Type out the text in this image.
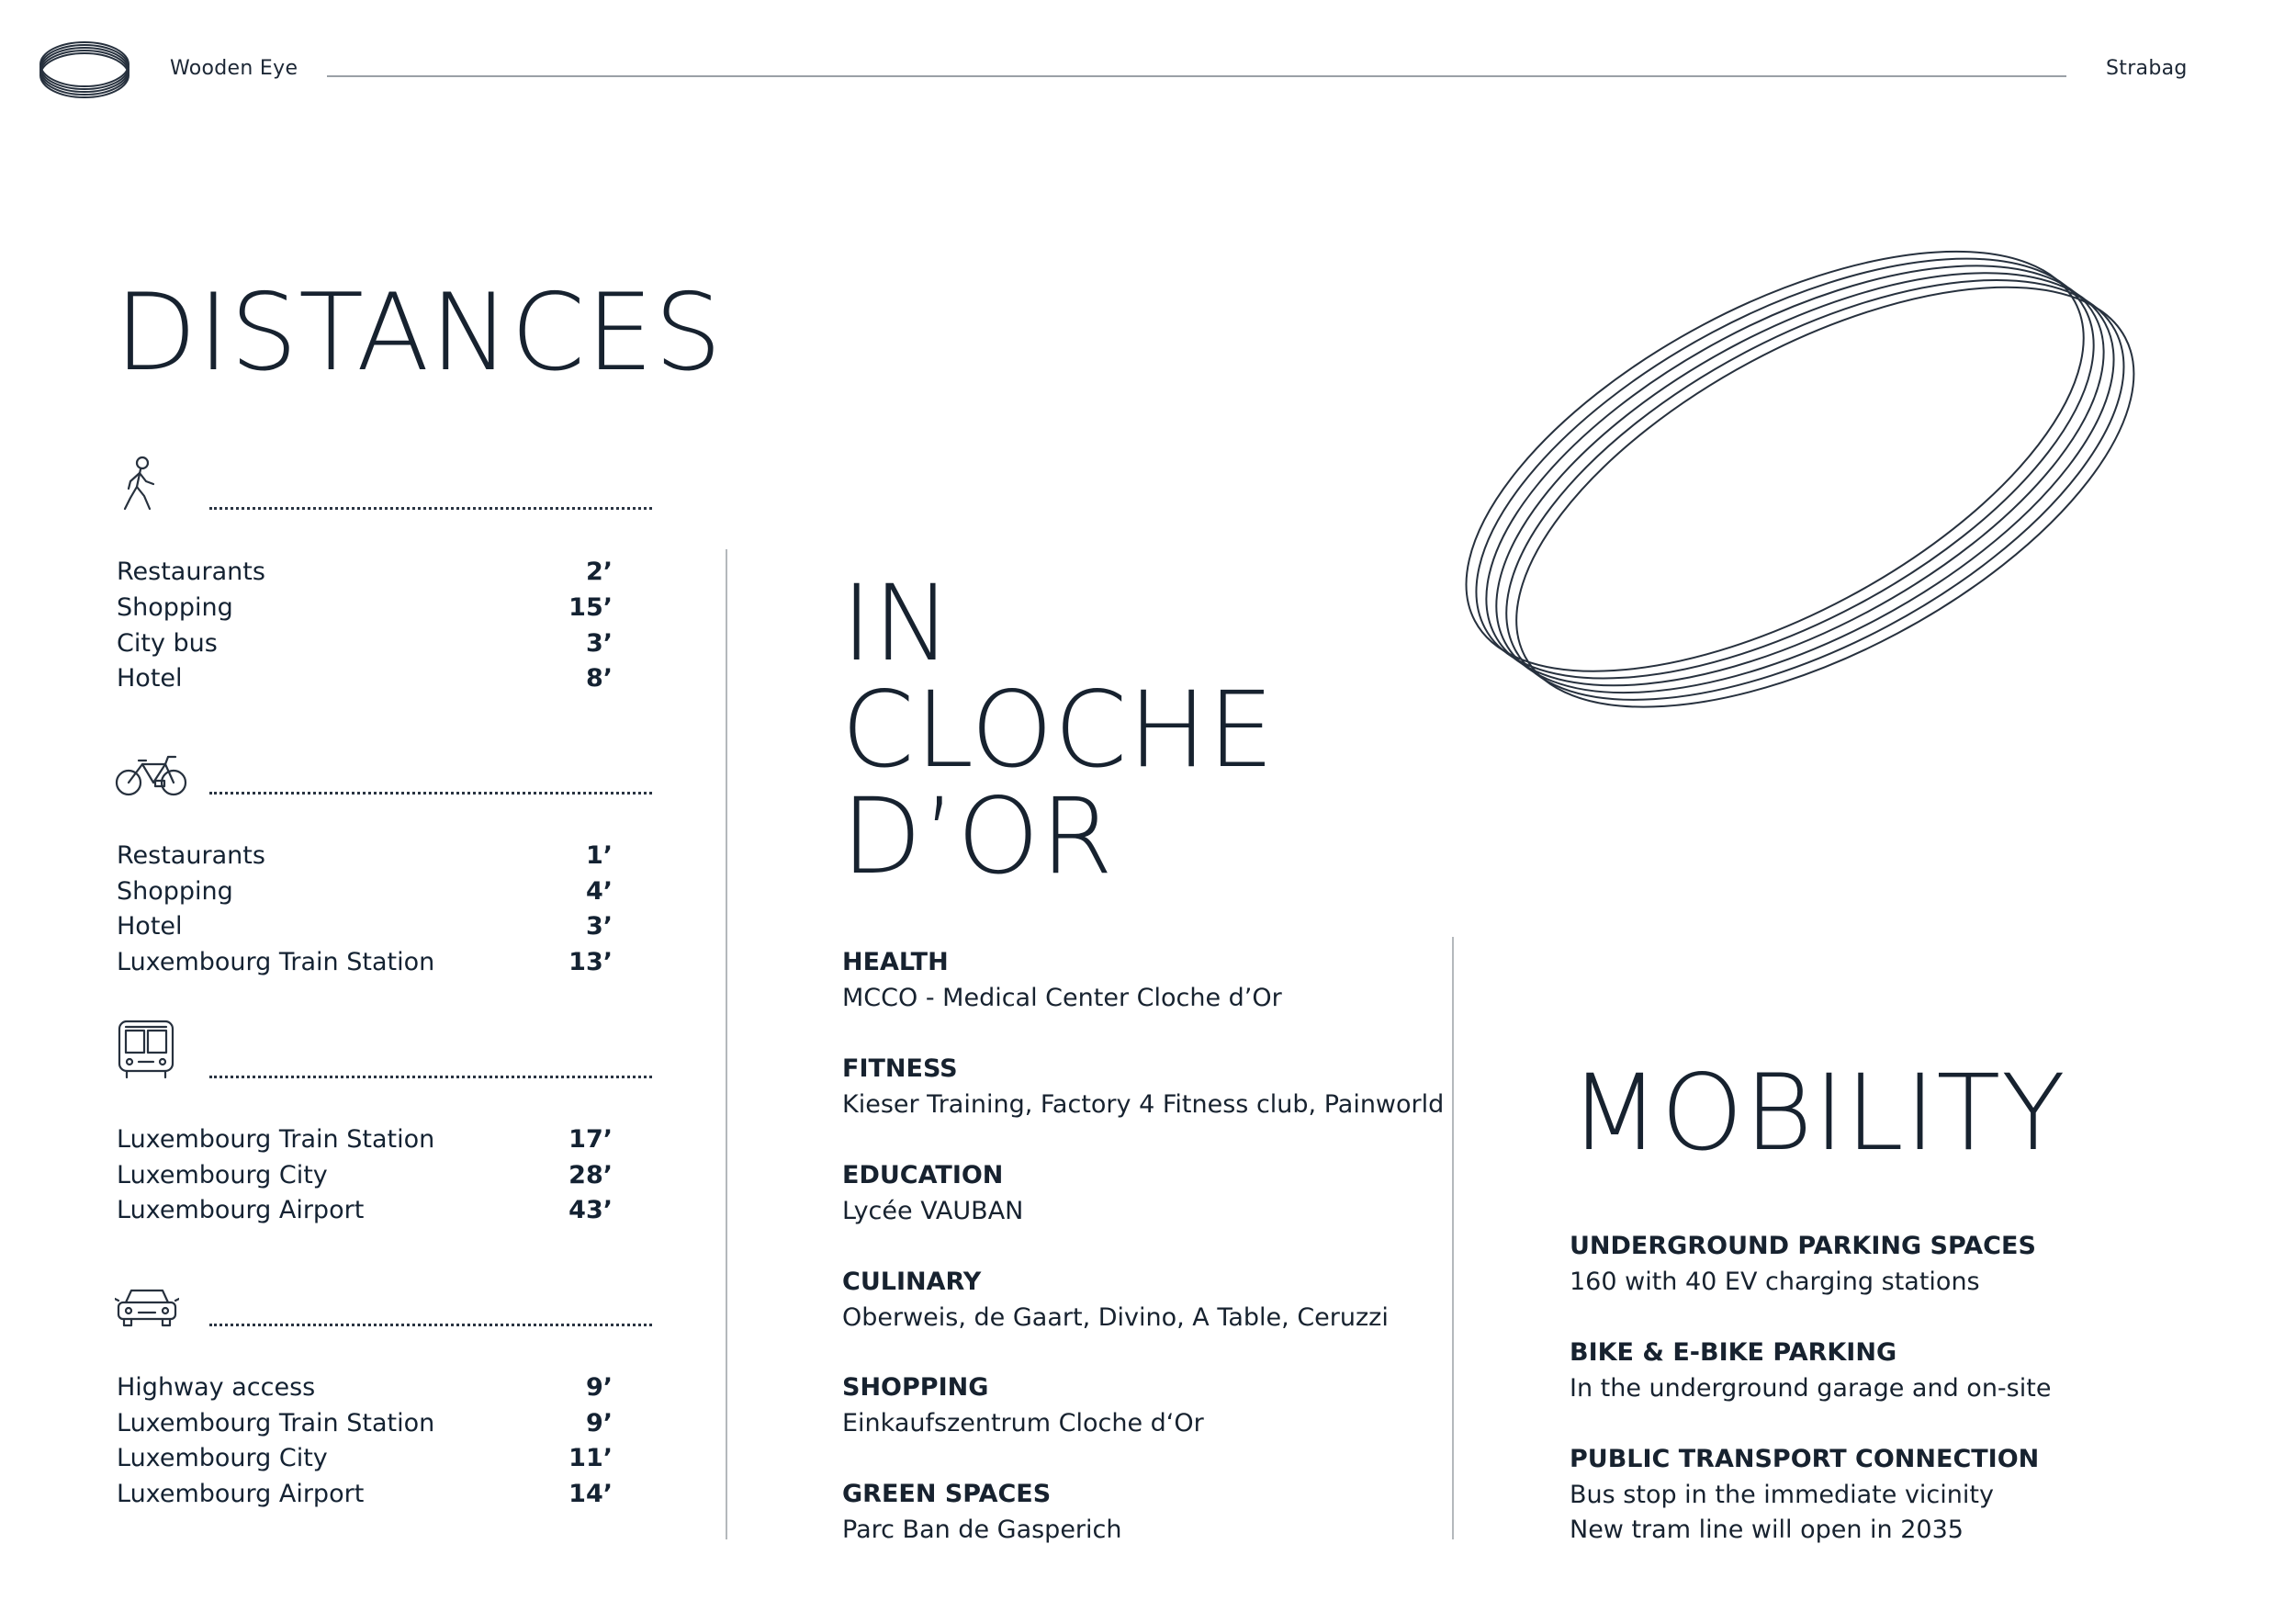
Wooden Eye	Strabag
DISTANCES
Restaurants	2’
Shopping	15’
City bus	3’
Hotel	8’
Restaurants	1’
Shopping	4’
Hotel	3’
Luxembourg Train Station	13’
Luxembourg Train Station	17’
Luxembourg City	28’
Luxembourg Airport	43’
Highway access	9’
Luxembourg Train Station	9’
Luxembourg City	11’
Luxembourg Airport	14’
IN
CLOCHE
D’OR
HEALTH
MCCO - Medical Center Cloche d’Or
FITNESS
Kieser Training, Factory 4 Fitness club, Painworld
EDUCATION
Lycée VAUBAN
CULINARY
Oberweis, de Gaart, Divino, A Table, Ceruzzi
SHOPPING
Einkaufszentrum Cloche d‘Or
GREEN SPACES
Parc Ban de Gasperich
MOBILITY
UNDERGROUND PARKING SPACES
160 with 40 EV charging stations
BIKE & E-BIKE PARKING
In the underground garage and on-site
PUBLIC TRANSPORT CONNECTION
Bus stop in the immediate vicinity
New tram line will open in 2035
